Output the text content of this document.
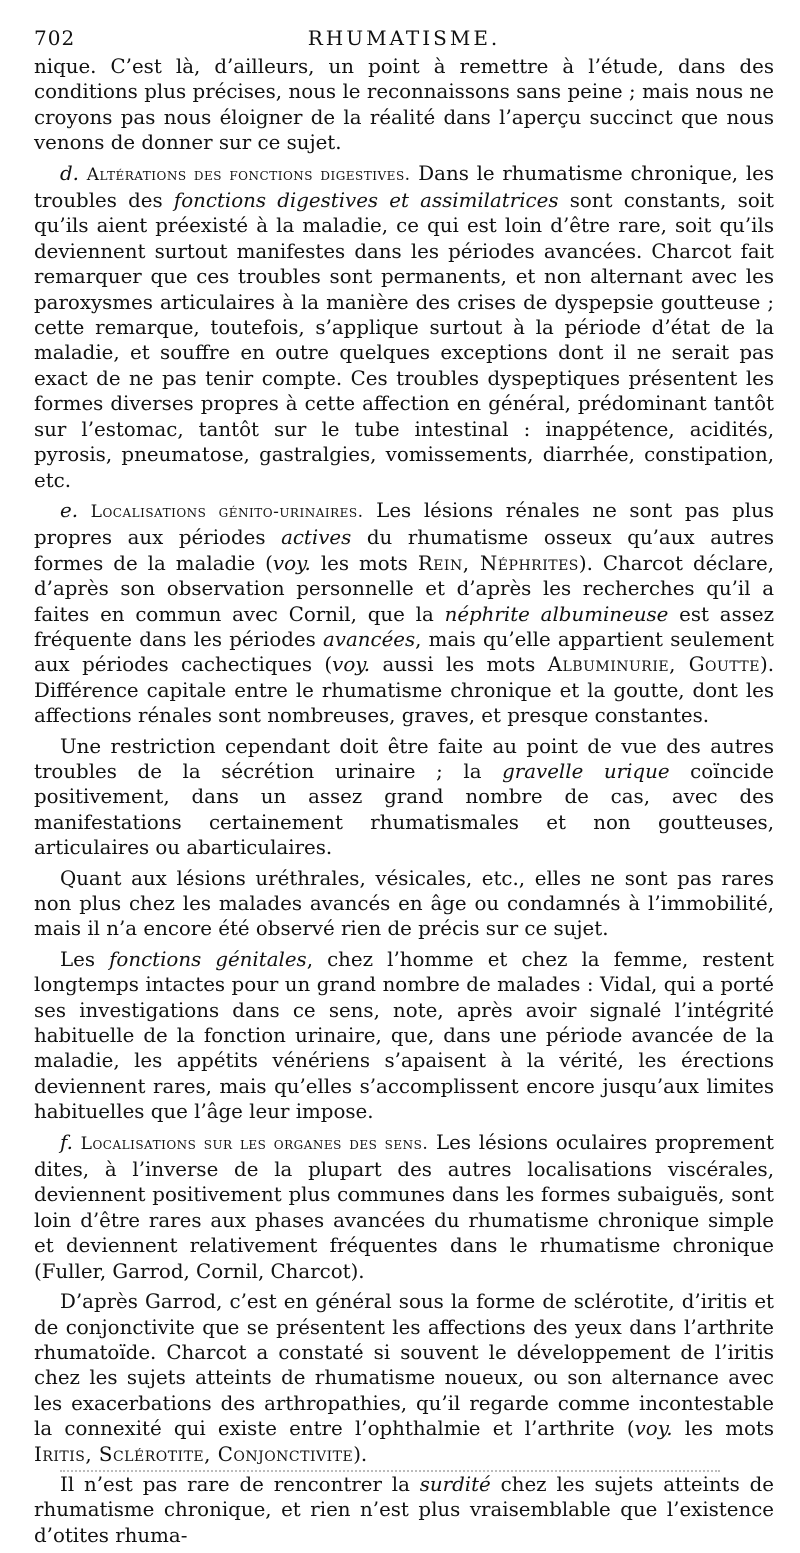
702	RHUMATISME.

nique. C’est là, d’ailleurs, un point à remettre à l’étude, dans des conditions plus précises, nous le reconnaissons sans peine ; mais nous ne croyons pas nous éloigner de la réalité dans l’aperçu succinct que nous venons de donner sur ce sujet.

d. Altérations des fonctions digestives. Dans le rhumatisme chronique, les troubles des fonctions digestives et assimilatrices sont constants, soit qu’ils aient préexisté à la maladie, ce qui est loin d’être rare, soit qu’ils deviennent surtout manifestes dans les périodes avancées. Charcot fait remarquer que ces troubles sont permanents, et non alternant avec les paroxysmes articulaires à la manière des crises de dyspepsie goutteuse ; cette remarque, toutefois, s’applique surtout à la période d’état de la maladie, et souffre en outre quelques exceptions dont il ne serait pas exact de ne pas tenir compte. Ces troubles dyspeptiques présentent les formes diverses propres à cette affection en général, prédominant tantôt sur l’estomac, tantôt sur le tube intestinal : inappétence, acidités, pyrosis, pneumatose, gastralgies, vomissements, diarrhée, constipation, etc.

e. Localisations génito-urinaires. Les lésions rénales ne sont pas plus propres aux périodes actives du rhumatisme osseux qu’aux autres formes de la maladie (voy. les mots Rein, Néphrites). Charcot déclare, d’après son observation personnelle et d’après les recherches qu’il a faites en commun avec Cornil, que la néphrite albumineuse est assez fréquente dans les périodes avancées, mais qu’elle appartient seulement aux périodes cachectiques (voy. aussi les mots Albuminurie, Goutte). Différence capitale entre le rhumatisme chronique et la goutte, dont les affections rénales sont nombreuses, graves, et presque constantes.

Une restriction cependant doit être faite au point de vue des autres troubles de la sécrétion urinaire ; la gravelle urique coïncide positivement, dans un assez grand nombre de cas, avec des manifestations certainement rhumatismales et non goutteuses, articulaires ou abarticulaires.

Quant aux lésions uréthrales, vésicales, etc., elles ne sont pas rares non plus chez les malades avancés en âge ou condamnés à l’immobilité, mais il n’a encore été observé rien de précis sur ce sujet.

Les fonctions génitales, chez l’homme et chez la femme, restent longtemps intactes pour un grand nombre de malades : Vidal, qui a porté ses investigations dans ce sens, note, après avoir signalé l’intégrité habituelle de la fonction urinaire, que, dans une période avancée de la maladie, les appétits vénériens s’apaisent à la vérité, les érections deviennent rares, mais qu’elles s’accomplissent encore jusqu’aux limites habituelles que l’âge leur impose.

f. Localisations sur les organes des sens. Les lésions oculaires proprement dites, à l’inverse de la plupart des autres localisations viscérales, deviennent positivement plus communes dans les formes subaiguës, sont loin d’être rares aux phases avancées du rhumatisme chronique simple et deviennent relativement fréquentes dans le rhumatisme chronique (Fuller, Garrod, Cornil, Charcot).

D’après Garrod, c’est en général sous la forme de sclérotite, d’iritis et de conjonctivite que se présentent les affections des yeux dans l’arthrite rhumatoïde. Charcot a constaté si souvent le développement de l’iritis chez les sujets atteints de rhumatisme noueux, ou son alternance avec les exacerbations des arthropathies, qu’il regarde comme incontestable la connexité qui existe entre l’ophthalmie et l’arthrite (voy. les mots Iritis, Sclérotite, Conjonctivite).

Il n’est pas rare de rencontrer la surdité chez les sujets atteints de rhumatisme chronique, et rien n’est plus vraisemblable que l’existence d’otites rhuma-
